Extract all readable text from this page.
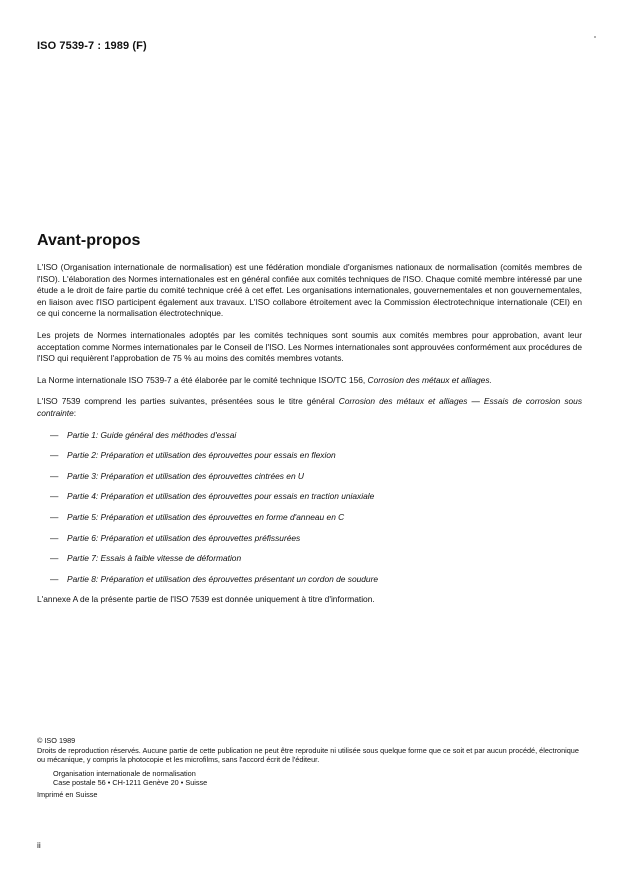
ISO 7539-7 : 1989 (F)
Avant-propos

L'ISO (Organisation internationale de normalisation) est une fédération mondiale d'organismes nationaux de normalisation (comités membres de l'ISO). L'élaboration des Normes internationales est en général confiée aux comités techniques de l'ISO. Chaque comité membre intéressé par une étude a le droit de faire partie du comité technique créé à cet effet. Les organisations internationales, gouvernementales et non gouvernementales, en liaison avec l'ISO participent également aux travaux. L'ISO collabore étroitement avec la Commission électrotechnique internationale (CEI) en ce qui concerne la normalisation électrotechnique.

Les projets de Normes internationales adoptés par les comités techniques sont soumis aux comités membres pour approbation, avant leur acceptation comme Normes internationales par le Conseil de l'ISO. Les Normes internationales sont approuvées conformément aux procédures de l'ISO qui requièrent l'approbation de 75 % au moins des comités membres votants.

La Norme internationale ISO 7539-7 a été élaborée par le comité technique ISO/TC 156, Corrosion des métaux et alliages.

L'ISO 7539 comprend les parties suivantes, présentées sous le titre général Corrosion des métaux et alliages — Essais de corrosion sous contrainte:

— Partie 1: Guide général des méthodes d'essai
— Partie 2: Préparation et utilisation des éprouvettes pour essais en flexion
— Partie 3: Préparation et utilisation des éprouvettes cintrées en U
— Partie 4: Préparation et utilisation des éprouvettes pour essais en traction uniaxiale
— Partie 5: Préparation et utilisation des éprouvettes en forme d'anneau en C
— Partie 6: Préparation et utilisation des éprouvettes préfissurées
— Partie 7: Essais à faible vitesse de déformation
— Partie 8: Préparation et utilisation des éprouvettes présentant un cordon de soudure

L'annexe A de la présente partie de l'ISO 7539 est donnée uniquement à titre d'information.

© ISO 1989

Droits de reproduction réservés. Aucune partie de cette publication ne peut être reproduite ni utilisée sous quelque forme que ce soit et par aucun procédé, électronique ou mécanique, y compris la photocopie et les microfilms, sans l'accord écrit de l'éditeur.

Organisation internationale de normalisation

Case postale 56 • CH-1211 Genève 20 • Suisse

Imprimé en Suisse

ii
